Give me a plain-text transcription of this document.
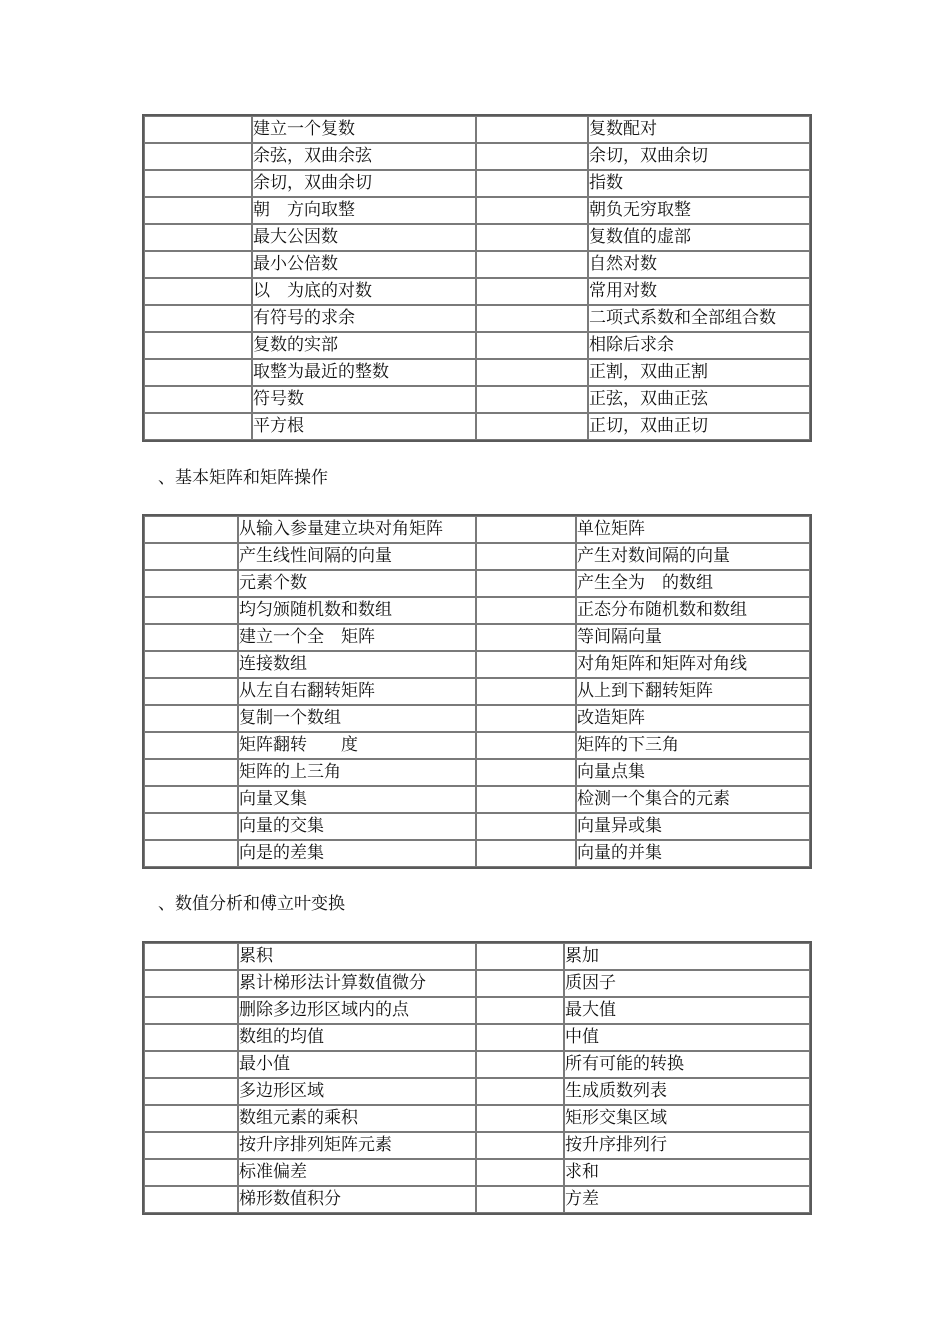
	建立一个复数		复数配对
	余弦，双曲余弦		余切，双曲余切
	余切，双曲余切		指数
	朝　方向取整		朝负无穷取整
	最大公因数		复数值的虚部
	最小公倍数		自然对数
	以　为底的对数		常用对数
	有符号的求余		二项式系数和全部组合数
	复数的实部		相除后求余
	取整为最近的整数		正割，双曲正割
	符号数		正弦，双曲正弦
	平方根		正切，双曲正切
、基本矩阵和矩阵操作
	从输入参量建立块对角矩阵		单位矩阵
	产生线性间隔的向量		产生对数间隔的向量
	元素个数		产生全为　的数组
	均匀颁随机数和数组		正态分布随机数和数组
	建立一个全　矩阵		等间隔向量
	连接数组		对角矩阵和矩阵对角线
	从左自右翻转矩阵		从上到下翻转矩阵
	复制一个数组		改造矩阵
	矩阵翻转　　度		矩阵的下三角
	矩阵的上三角		向量点集
	向量叉集		检测一个集合的元素
	向量的交集		向量异或集
	向是的差集		向量的并集
、数值分析和傅立叶变换
	累积		累加
	累计梯形法计算数值微分		质因子
	删除多边形区域内的点		最大值
	数组的均值		中值
	最小值		所有可能的转换
	多边形区域		生成质数列表
	数组元素的乘积		矩形交集区域
	按升序排列矩阵元素		按升序排列行
	标准偏差		求和
	梯形数值积分		方差
